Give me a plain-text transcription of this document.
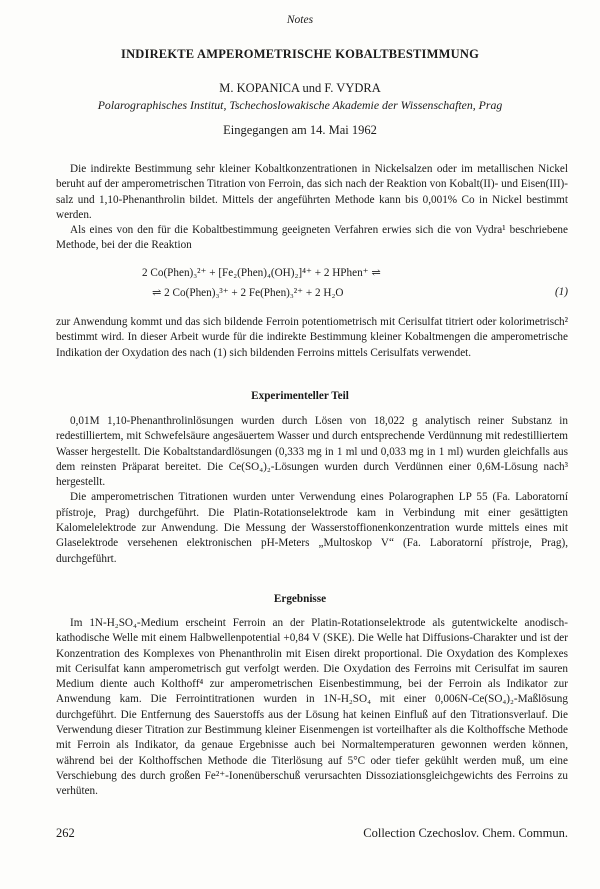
Notes
INDIREKTE AMPEROMETRISCHE KOBALTBESTIMMUNG
M. KOPANICA und F. VYDRA
Polarographisches Institut, Tschechoslowakische Akademie der Wissenschaften, Prag
Eingegangen am 14. Mai 1962

Die indirekte Bestimmung sehr kleiner Kobaltkonzentrationen in Nickelsalzen oder im metallischen Nickel beruht auf der amperometrischen Titration von Ferroin, das sich nach der Reaktion von Kobalt(II)- und Eisen(III)-salz und 1,10-Phenanthrolin bildet. Mittels der angeführten Methode kann bis 0,001% Co in Nickel bestimmt werden.

Als eines von den für die Kobaltbestimmung geeigneten Verfahren erwies sich die von Vydra¹ beschriebene Methode, bei der die Reaktion

2 Co(Phen)₃²⁺ + [Fe₂(Phen)₄(OH)₂]⁴⁺ + 2 HPhen⁺ ⇌
⇌ 2 Co(Phen)₃³⁺ + 2 Fe(Phen)₃²⁺ + 2 H₂O	(1)

zur Anwendung kommt und das sich bildende Ferroin potentiometrisch mit Cerisulfat titriert oder kolorimetrisch² bestimmt wird. In dieser Arbeit wurde für die indirekte Bestimmung kleiner Kobaltmengen die amperometrische Indikation der Oxydation des nach (1) sich bildenden Ferroins mittels Cerisulfats verwendet.

Experimenteller Teil

0,01M 1,10-Phenanthrolinlösungen wurden durch Lösen von 18,022 g analytisch reiner Substanz in redestilliertem, mit Schwefelsäure angesäuertem Wasser und durch entsprechende Verdünnung mit redestilliertem Wasser hergestellt. Die Kobaltstandardlösungen (0,333 mg in 1 ml und 0,033 mg in 1 ml) wurden gleichfalls aus dem reinsten Präparat bereitet. Die Ce(SO₄)₂-Lösungen wurden durch Verdünnen einer 0,6M-Lösung nach³ hergestellt.

Die amperometrischen Titrationen wurden unter Verwendung eines Polarographen LP 55 (Fa. Laboratorní přístroje, Prag) durchgeführt. Die Platin-Rotationselektrode kam in Verbindung mit einer gesättigten Kalomelelektrode zur Anwendung. Die Messung der Wasserstoffionenkonzentration wurde mittels eines mit Glaselektrode versehenen elektronischen pH-Meters „Multoskop V“ (Fa. Laboratorní přístroje, Prag), durchgeführt.

Ergebnisse

Im 1N-H₂SO₄-Medium erscheint Ferroin an der Platin-Rotationselektrode als gutentwickelte anodisch-kathodische Welle mit einem Halbwellenpotential +0,84 V (SKE). Die Welle hat Diffusions-Charakter und ist der Konzentration des Komplexes von Phenanthrolin mit Eisen direkt proportional. Die Oxydation des Komplexes mit Cerisulfat kann amperometrisch gut verfolgt werden. Die Oxydation des Ferroins mit Cerisulfat im sauren Medium diente auch Kolthoff⁴ zur amperometrischen Eisenbestimmung, bei der Ferroin als Indikator zur Anwendung kam. Die Ferrointitrationen wurden in 1N-H₂SO₄ mit einer 0,006N-Ce(SO₄)₂-Maßlösung durchgeführt. Die Entfernung des Sauerstoffs aus der Lösung hat keinen Einfluß auf den Titrationsverlauf. Die Verwendung dieser Titration zur Bestimmung kleiner Eisenmengen ist vorteilhafter als die Kolthoffsche Methode mit Ferroin als Indikator, da genaue Ergebnisse auch bei Normaltemperaturen gewonnen werden können, während bei der Kolthoffschen Methode die Titerlösung auf 5°C oder tiefer gekühlt werden muß, um eine Verschiebung des durch großen Fe²⁺-Ionenüberschuß verursachten Dissoziationsgleichgewichts des Ferroins zu verhüten.

262	Collection Czechoslov. Chem. Commun.
